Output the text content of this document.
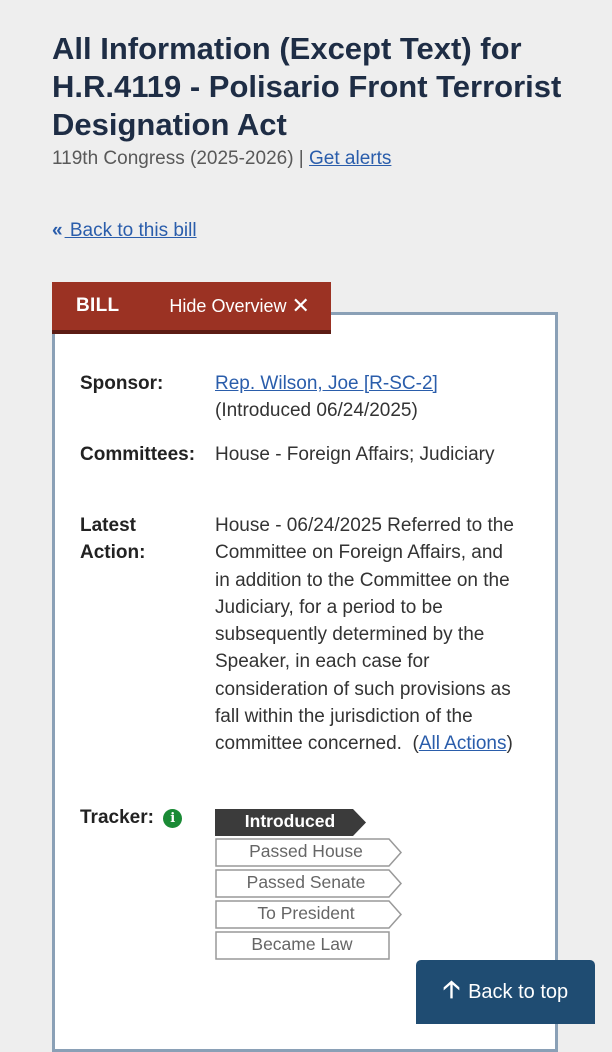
All Information (Except Text) for H.R.4119 - Polisario Front Terrorist Designation Act
119th Congress (2025-2026) | Get alerts
« Back to this bill
BILL	Hide Overview ✕
Sponsor:	Rep. Wilson, Joe [R-SC-2]
(Introduced 06/24/2025)
Committees:	House - Foreign Affairs; Judiciary
Latest
Action:
House - 06/24/2025 Referred to the Committee on Foreign Affairs, and in addition to the Committee on the Judiciary, for a period to be subsequently determined by the Speaker, in each case for consideration of such provisions as fall within the jurisdiction of the committee concerned. (All Actions)
Tracker: i	Introduced
Passed House
Passed Senate
To President
Became Law
🡡 Back to top
